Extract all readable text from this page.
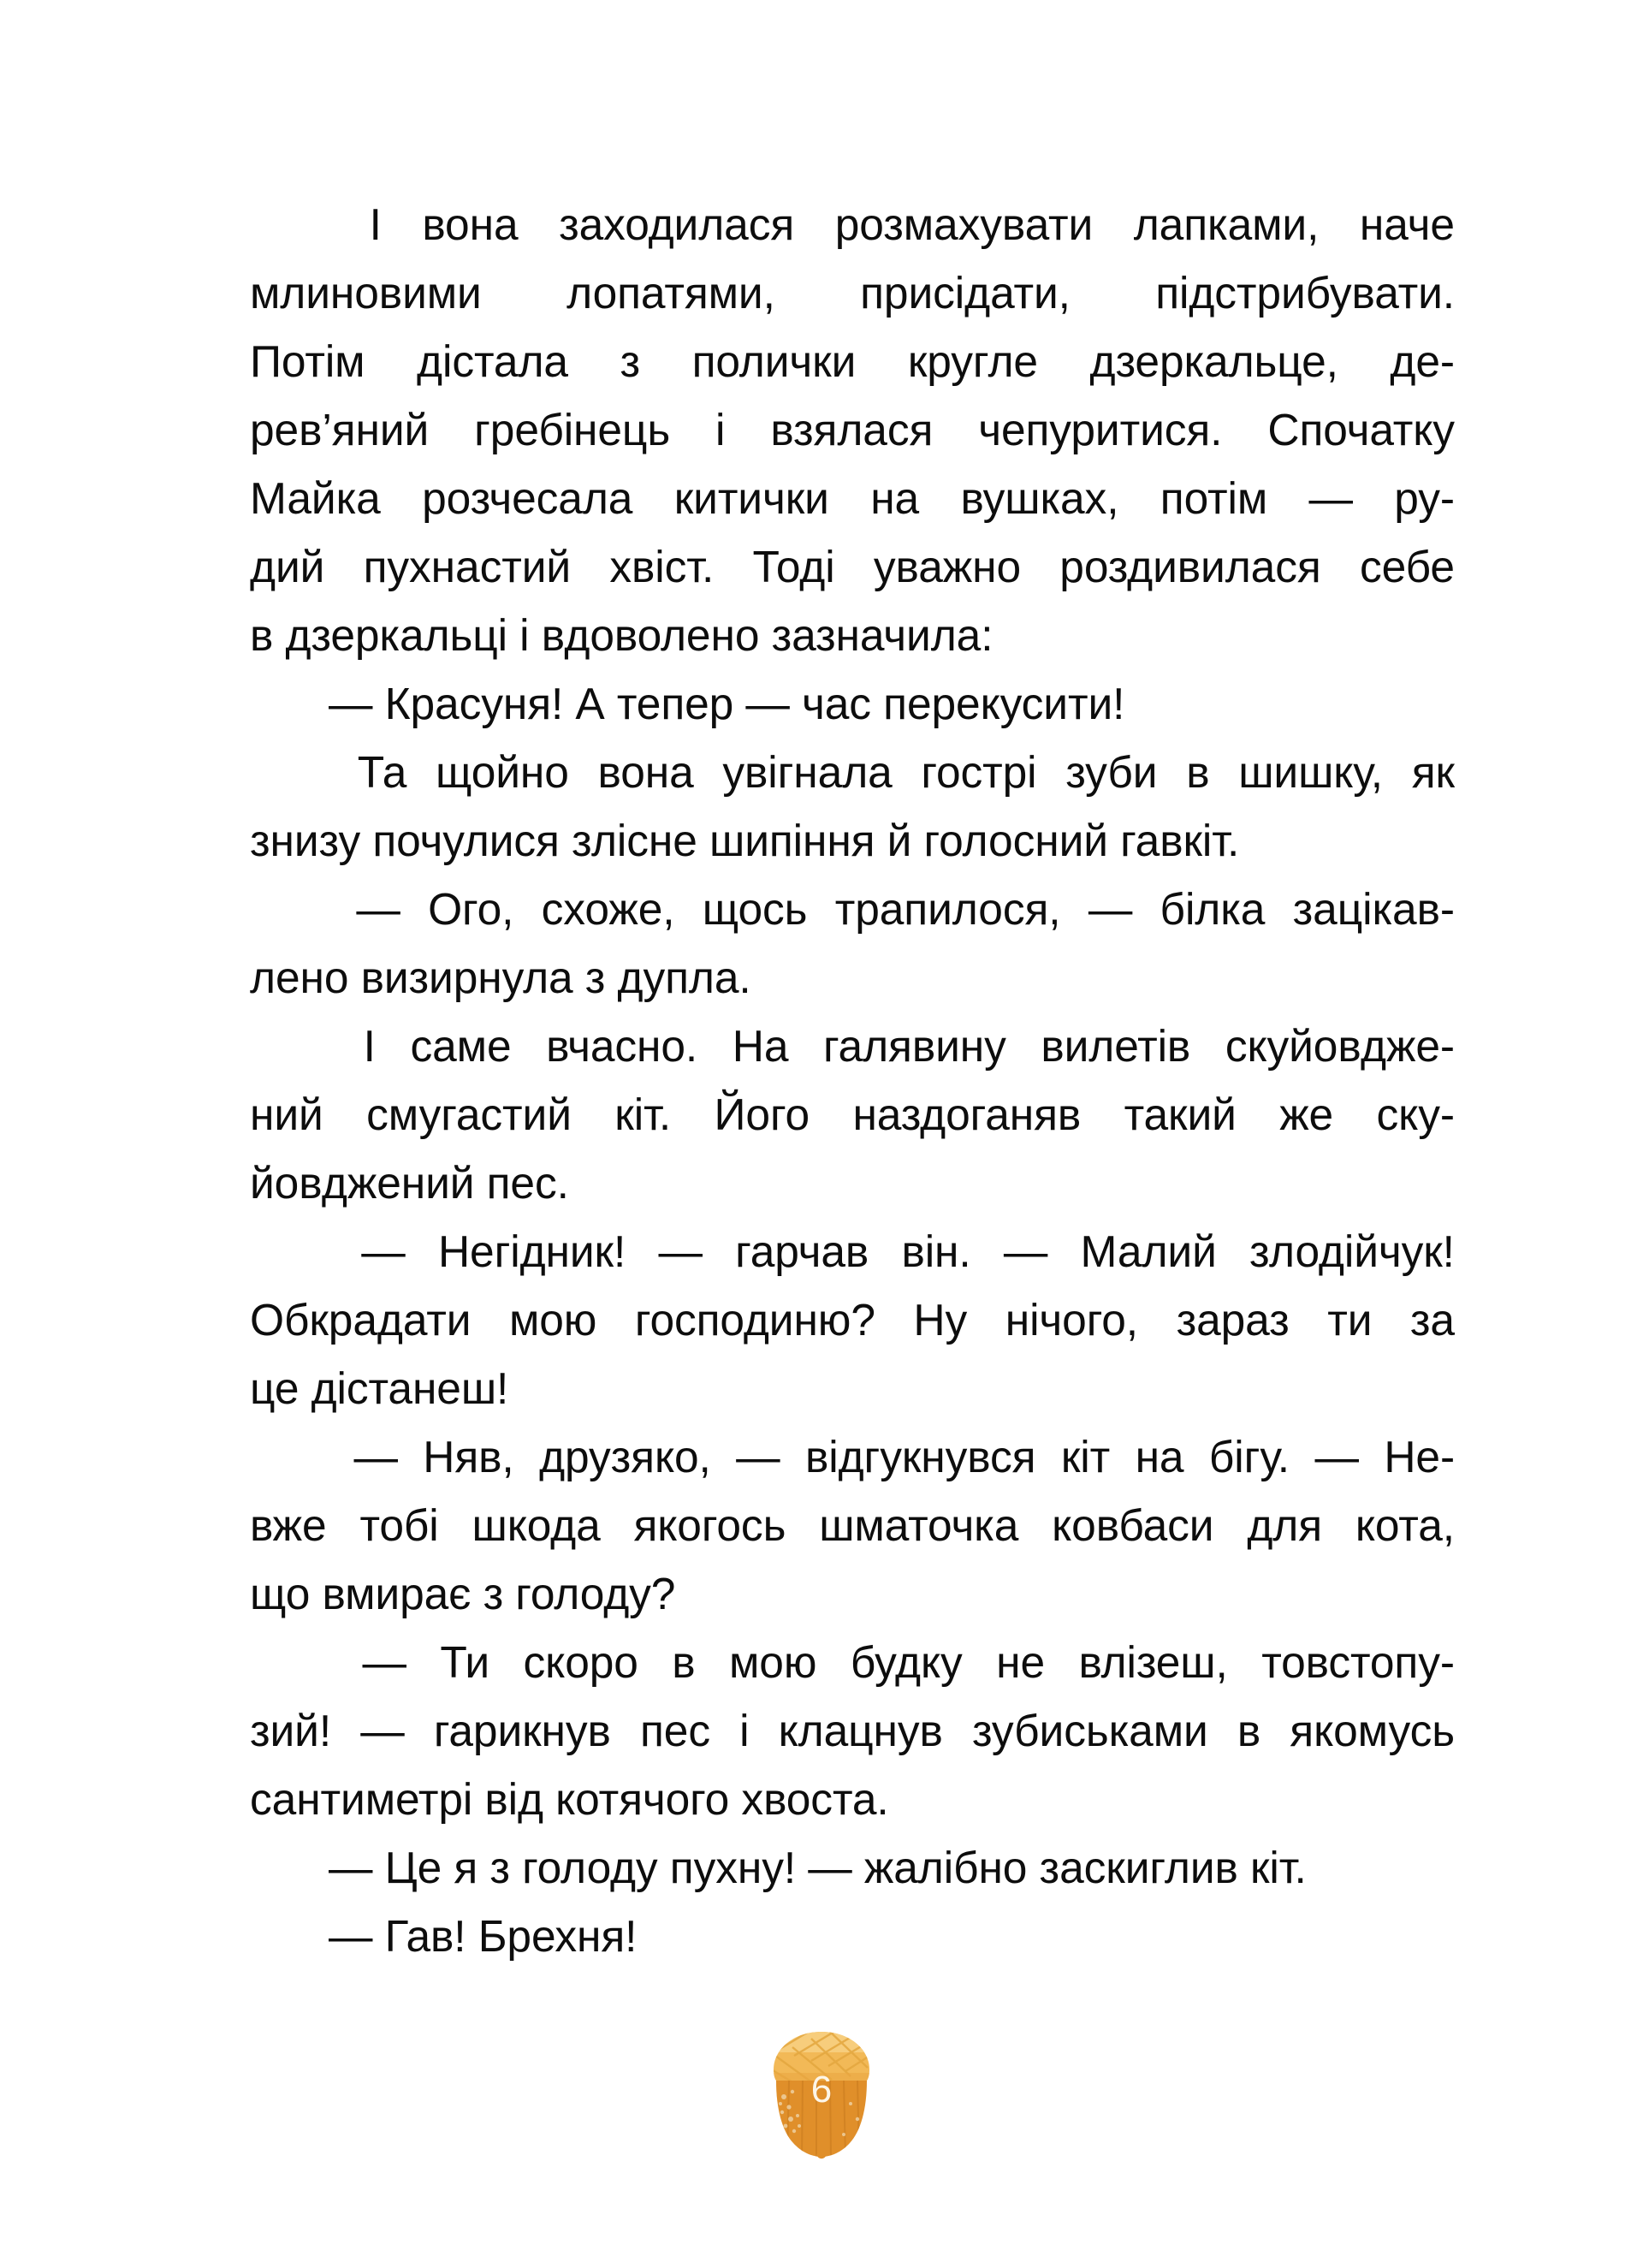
І вона заходилася розмахувати лапками, наче
млиновими лопатями, присідати, підстрибувати.
Потім дістала з полички кругле дзеркальце, де-
рев’яний гребінець і взялася чепуритися. Спочатку
Майка розчесала китички на вушках, потім — ру-
дий пухнастий хвіст. Тоді уважно роздивилася себе
в дзеркальці і вдоволено зазначила:
— Красуня! А тепер — час перекусити!
Та щойно вона увігнала гострі зуби в шишку, як
знизу почулися злісне шипіння й голосний гавкіт.
— Ого, схоже, щось трапилося, — білка зацікав-
лено визирнула з дупла.
І саме вчасно. На галявину вилетів скуйовдже-
ний смугастий кіт. Його наздоганяв такий же ску-
йовджений пес.
— Негідник! — гарчав він. — Малий злодійчук!
Обкрадати мою господиню? Ну нічого, зараз ти за
це дістанеш!
— Няв, друзяко, — відгукнувся кіт на бігу. — Не-
вже тобі шкода якогось шматочка ковбаси для кота,
що вмирає з голоду?
— Ти скоро в мою будку не влізеш, товстопу-
зий! — гарикнув пес і клацнув зубиськами в якомусь
сантиметрі від котячого хвоста.
— Це я з голоду пухну! — жалібно заскиглив кіт.
— Гав! Брехня!
6
